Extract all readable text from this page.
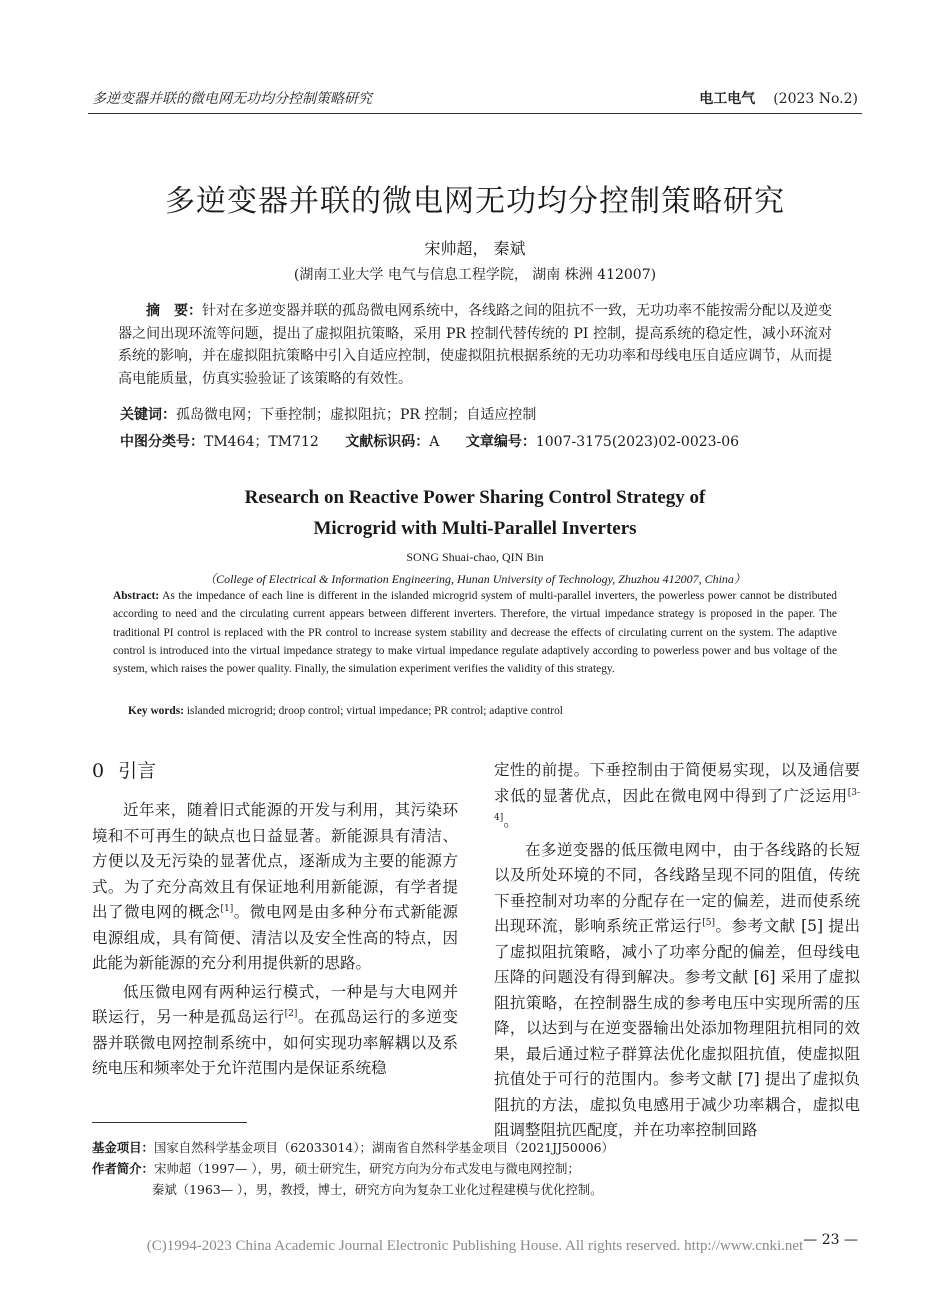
多逆变器并联的微电网无功均分控制策略研究	电工电气 (2023 No.2)
多逆变器并联的微电网无功均分控制策略研究
宋帅超， 秦斌
(湖南工业大学 电气与信息工程学院， 湖南 株洲 412007)
摘　要：针对在多逆变器并联的孤岛微电网系统中，各线路之间的阻抗不一致，无功功率不能按需分配以及逆变器之间出现环流等问题，提出了虚拟阻抗策略，采用 PR 控制代替传统的 PI 控制，提高系统的稳定性，减小环流对系统的影响，并在虚拟阻抗策略中引入自适应控制，使虚拟阻抗根据系统的无功功率和母线电压自适应调节，从而提高电能质量，仿真实验验证了该策略的有效性。
关键词：孤岛微电网；下垂控制；虚拟阻抗；PR 控制；自适应控制
中图分类号：TM464；TM712 文献标识码：A 文章编号：1007-3175(2023)02-0023-06
Research on Reactive Power Sharing Control Strategy of
Microgrid with Multi-Parallel Inverters
SONG Shuai-chao, QIN Bin
（College of Electrical & Information Engineering, Hunan University of Technology, Zhuzhou 412007, China）
Abstract: As the impedance of each line is different in the islanded microgrid system of multi-parallel inverters, the powerless power cannot be distributed according to need and the circulating current appears between different inverters. Therefore, the virtual impedance strategy is proposed in the paper. The traditional PI control is replaced with the PR control to increase system stability and decrease the effects of circulating current on the system. The adaptive control is introduced into the virtual impedance strategy to make virtual impedance regulate adaptively according to powerless power and bus voltage of the system, which raises the power quality. Finally, the simulation experiment verifies the validity of this strategy.
Key words: islanded microgrid; droop control; virtual impedance; PR control; adaptive control
0 引言

近年来，随着旧式能源的开发与利用，其污染环境和不可再生的缺点也日益显著。新能源具有清洁、方便以及无污染的显著优点，逐渐成为主要的能源方式。为了充分高效且有保证地利用新能源，有学者提出了微电网的概念[1]。微电网是由多种分布式新能源电源组成，具有简便、清洁以及安全性高的特点，因此能为新能源的充分利用提供新的思路。

低压微电网有两种运行模式，一种是与大电网并联运行，另一种是孤岛运行[2]。在孤岛运行的多逆变器并联微电网控制系统中，如何实现功率解耦以及系统电压和频率处于允许范围内是保证系统稳

定性的前提。下垂控制由于简便易实现，以及通信要求低的显著优点，因此在微电网中得到了广泛运用[3-4]。

在多逆变器的低压微电网中，由于各线路的长短以及所处环境的不同，各线路呈现不同的阻值，传统下垂控制对功率的分配存在一定的偏差，进而使系统出现环流，影响系统正常运行[5]。参考文献 [5] 提出了虚拟阻抗策略，减小了功率分配的偏差，但母线电压降的问题没有得到解决。参考文献 [6] 采用了虚拟阻抗策略，在控制器生成的参考电压中实现所需的压降，以达到与在逆变器输出处添加物理阻抗相同的效果，最后通过粒子群算法优化虚拟阻抗值，使虚拟阻抗值处于可行的范围内。参考文献 [7] 提出了虚拟负阻抗的方法，虚拟负电感用于减少功率耦合，虚拟电阻调整阻抗匹配度，并在功率控制回路

基金项目：国家自然科学基金项目（62033014）；湖南省自然科学基金项目（2021JJ50006）
作者简介：宋帅超（1997— ），男，硕士研究生，研究方向为分布式发电与微电网控制；
秦斌（1963— ），男，教授，博士，研究方向为复杂工业化过程建模与优化控制。
— 23 —
(C)1994-2023 China Academic Journal Electronic Publishing House. All rights reserved. http://www.cnki.net
